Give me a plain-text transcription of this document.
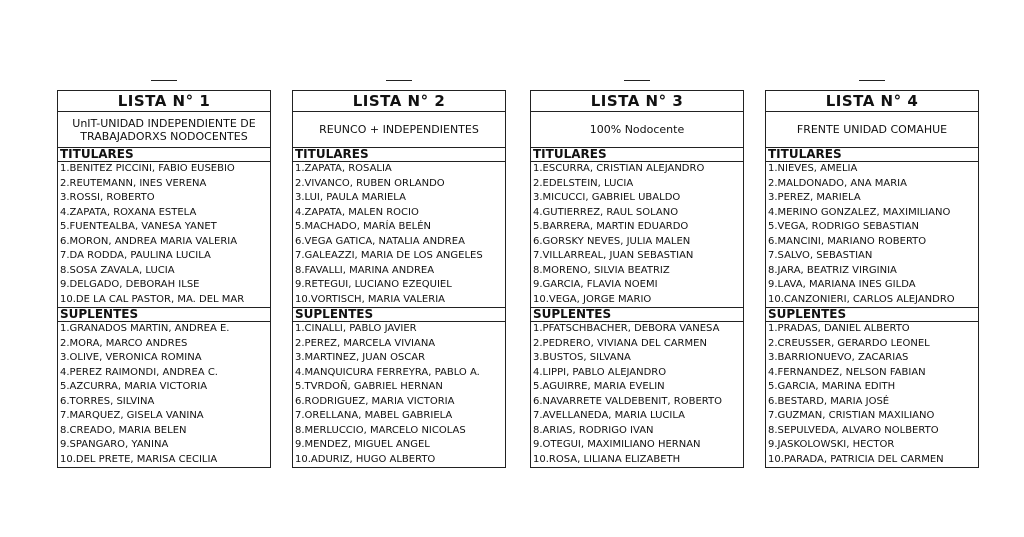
LISTA N° 1
UnIT-UNIDAD INDEPENDIENTE DE TRABAJADORXS NODOCENTES
TITULARES
1.BENITEZ PICCINI, FABIO EUSEBIO
2.REUTEMANN, INES VERENA
3.ROSSI, ROBERTO
4.ZAPATA, ROXANA ESTELA
5.FUENTEALBA, VANESA YANET
6.MORON, ANDREA MARIA VALERIA
7.DA RODDA, PAULINA LUCILA
8.SOSA ZAVALA, LUCIA
9.DELGADO, DEBORAH ILSE
10.DE LA CAL PASTOR, MA. DEL MAR
SUPLENTES
1.GRANADOS MARTIN, ANDREA E.
2.MORA, MARCO ANDRES
3.OLIVE, VERONICA ROMINA
4.PEREZ RAIMONDI, ANDREA C.
5.AZCURRA, MARIA VICTORIA
6.TORRES, SILVINA
7.MARQUEZ, GISELA VANINA
8.CREADO, MARIA BELEN
9.SPANGARO, YANINA
10.DEL PRETE, MARISA CECILIA
LISTA N° 2
REUNCO + INDEPENDIENTES
TITULARES
1.ZAPATA, ROSALIA
2.VIVANCO, RUBEN ORLANDO
3.LUI, PAULA MARIELA
4.ZAPATA, MALEN ROCIO
5.MACHADO, MARÍA BELÉN
6.VEGA GATICA, NATALIA ANDREA
7.GALEAZZI, MARIA DE LOS ANGELES
8.FAVALLI, MARINA ANDREA
9.RETEGUI, LUCIANO EZEQUIEL
10.VORTISCH, MARIA VALERIA
SUPLENTES
1.CINALLI, PABLO JAVIER
2.PEREZ, MARCELA VIVIANA
3.MARTINEZ, JUAN OSCAR
4.MANQUICURA FERREYRA, PABLO A.
5.TVRDOÑ, GABRIEL HERNAN
6.RODRIGUEZ, MARIA VICTORIA
7.ORELLANA, MABEL GABRIELA
8.MERLUCCIO, MARCELO NICOLAS
9.MENDEZ, MIGUEL ANGEL
10.ADURIZ, HUGO ALBERTO
LISTA N° 3
100% Nodocente
TITULARES
1.ESCURRA, CRISTIAN ALEJANDRO
2.EDELSTEIN, LUCIA
3.MICUCCI, GABRIEL UBALDO
4.GUTIERREZ, RAUL SOLANO
5.BARRERA, MARTIN EDUARDO
6.GORSKY NEVES, JULIA MALEN
7.VILLARREAL, JUAN SEBASTIAN
8.MORENO, SILVIA BEATRIZ
9.GARCIA, FLAVIA NOEMI
10.VEGA, JORGE MARIO
SUPLENTES
1.PFATSCHBACHER, DEBORA VANESA
2.PEDRERO, VIVIANA DEL CARMEN
3.BUSTOS, SILVANA
4.LIPPI, PABLO ALEJANDRO
5.AGUIRRE, MARIA EVELIN
6.NAVARRETE VALDEBENIT, ROBERTO
7.AVELLANEDA, MARIA LUCILA
8.ARIAS, RODRIGO IVAN
9.OTEGUI, MAXIMILIANO HERNAN
10.ROSA, LILIANA ELIZABETH
LISTA N° 4
FRENTE UNIDAD COMAHUE
TITULARES
1.NIEVES, AMELIA
2.MALDONADO, ANA MARIA
3.PEREZ, MARIELA
4.MERINO GONZALEZ, MAXIMILIANO
5.VEGA, RODRIGO SEBASTIAN
6.MANCINI, MARIANO ROBERTO
7.SALVO, SEBASTIAN
8.JARA, BEATRIZ VIRGINIA
9.LAVA, MARIANA INES GILDA
10.CANZONIERI, CARLOS ALEJANDRO
SUPLENTES
1.PRADAS, DANIEL ALBERTO
2.CREUSSER, GERARDO LEONEL
3.BARRIONUEVO, ZACARIAS
4.FERNANDEZ, NELSON FABIAN
5.GARCIA, MARINA EDITH
6.BESTARD, MARIA JOSÉ
7.GUZMAN, CRISTIAN MAXILIANO
8.SEPULVEDA, ALVARO NOLBERTO
9.JASKOLOWSKI, HECTOR
10.PARADA, PATRICIA DEL CARMEN
